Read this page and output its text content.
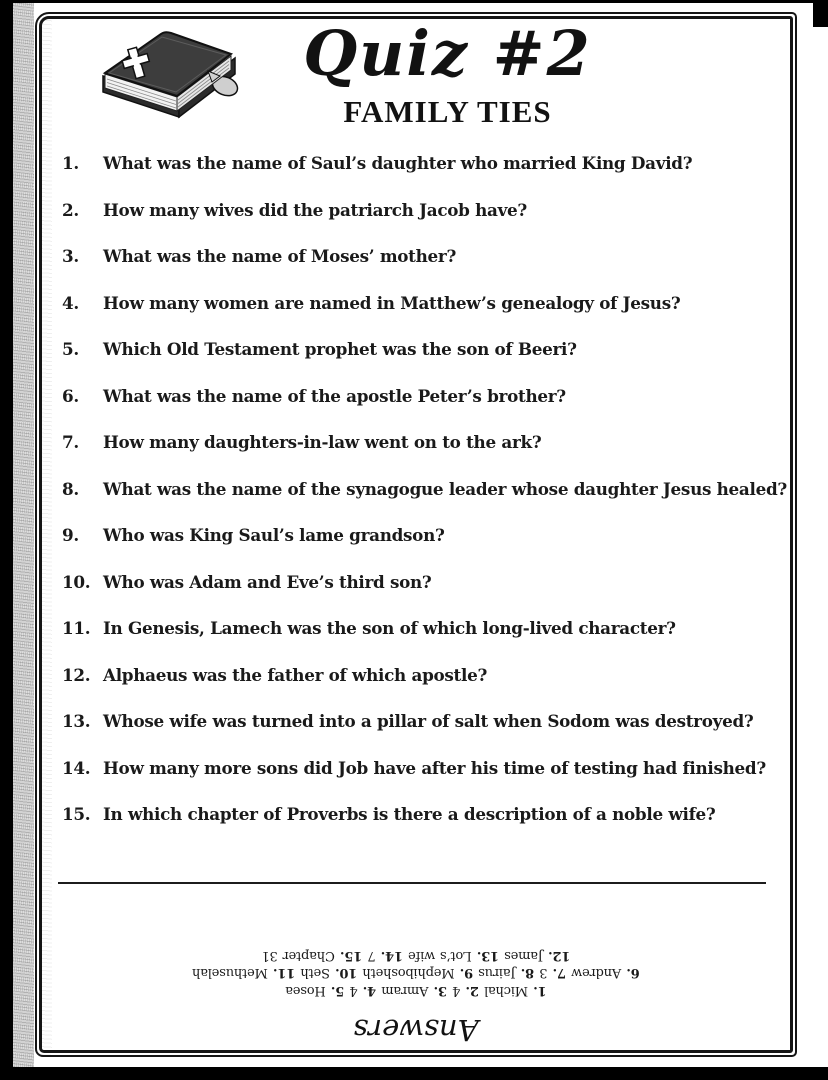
Quiz #2
FAMILY TIES
1.	What was the name of Saul’s daughter who married King David?
2.	How many wives did the patriarch Jacob have?
3.	What was the name of Moses’ mother?
4.	How many women are named in Matthew’s genealogy of Jesus?
5.	Which Old Testament prophet was the son of Beeri?
6.	What was the name of the apostle Peter’s brother?
7.	How many daughters-in-law went on to the ark?
8.	What was the name of the synagogue leader whose daughter Jesus healed?
9.	Who was King Saul’s lame grandson?
10. Who was Adam and Eve’s third son?
11. In Genesis, Lamech was the son of which long-lived character?
12. Alphaeus was the father of which apostle?
13. Whose wife was turned into a pillar of salt when Sodom was destroyed?
14. How many more sons did Job have after his time of testing had finished?
15. In which chapter of Proverbs is there a description of a noble wife?
Answers
1. Michal 2. 4 3. Amram 4. 4 5. Hosea
6. Andrew 7. 3 8. Jairus 9. Mephibosheth 10. Seth 11. Methuselah
12. James 13. Lot’s wife 14. 7 15. Chapter 31
